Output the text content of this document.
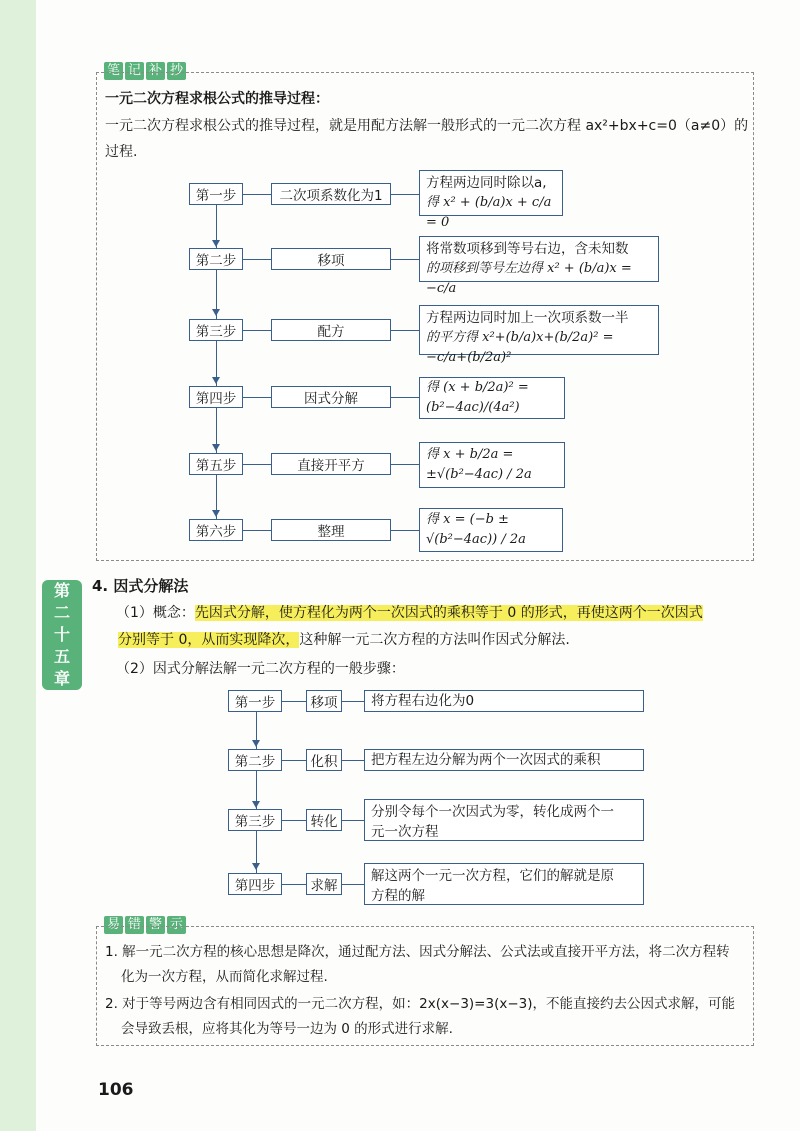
笔 记 补 抄
一元二次方程求根公式的推导过程：
一元二次方程求根公式的推导过程，就是用配方法解一般形式的一元二次方程 ax²+bx+c=0（a≠0）的
过程.
第一步	二次项系数化为1
方程两边同时除以a,
得 x² + (b/a)x + c/a = 0
第二步	移项
将常数项移到等号右边，含未知数
的项移到等号左边得 x² + (b/a)x = −c/a
第三步	配方
方程两边同时加上一次项系数一半
的平方得 x²+(b/a)x+(b/2a)² = −c/a+(b/2a)²
第四步	因式分解
得 (x + b/2a)² = (b²−4ac)/(4a²)
第五步	直接开平方
得 x + b/2a = ±√(b²−4ac) / 2a
第六步	整理
得 x = (−b ± √(b²−4ac)) / 2a
第
二
十
五
章
4. 因式分解法
（1）概念：先因式分解，使方程化为两个一次因式的乘积等于 0 的形式，再使这两个一次因式
分别等于 0，从而实现降次，这种解一元二次方程的方法叫作因式分解法.
（2）因式分解法解一元二次方程的一般步骤：
第一步	移项	将方程右边化为0
第二步	化积	把方程左边分解为两个一次因式的乘积
第三步	转化
分别令每个一次因式为零，转化成两个一
元一次方程
第四步	求解
解这两个一元一次方程，它们的解就是原
方程的解
易 错 警 示
1. 解一元二次方程的核心思想是降次，通过配方法、因式分解法、公式法或直接开平方法，将二次方程转
化为一次方程，从而简化求解过程.
2. 对于等号两边含有相同因式的一元二次方程，如：2x(x−3)=3(x−3)，不能直接约去公因式求解，可能
会导致丢根，应将其化为等号一边为 0 的形式进行求解.
106
